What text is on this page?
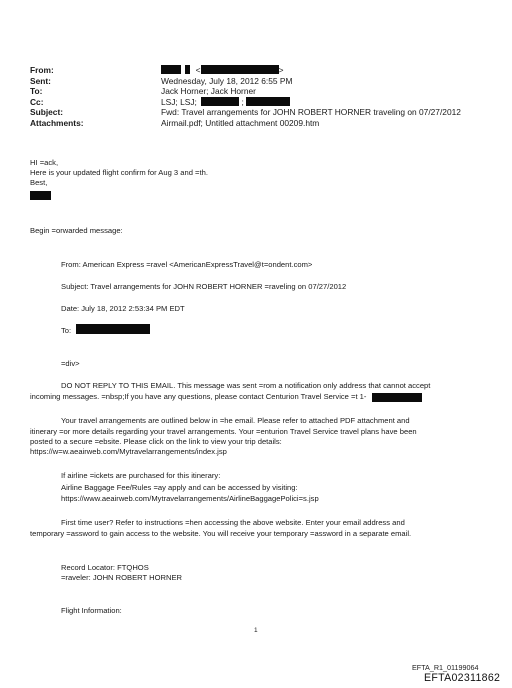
From:	<	>
Sent:	Wednesday, July 18, 2012 6:55 PM
To:	Jack Horner; Jack Horner
Cc:	LSJ; LSJ;	;
Subject:	Fwd: Travel arrangements for JOHN ROBERT HORNER traveling on 07/27/2012
Attachments:	Airmail.pdf; Untitled attachment 00209.htm
HI =ack,
Here is your updated flight confirm for Aug 3 and =th.
Best,
Begin =orwarded message:
From: American Express =ravel <AmericanExpressTravel@t=ondent.com>
Subject: Travel arrangements for JOHN ROBERT HORNER =raveling on 07/27/2012
Date: July 18, 2012 2:53:34 PM EDT
To:
=div>
DO NOT REPLY TO THIS EMAIL. This message was sent =rom a notification only address that cannot accept
incoming messages. =nbsp;If you have any questions, please contact Centurion Travel Service =t 1-
Your travel arrangements are outlined below in =he email. Please refer to attached PDF attachment and
itinerary =or more details regarding your travel arrangements. Your =enturion Travel Service travel plans have been
posted to a secure =ebsite. Please click on the link to view your trip details:
https://w=w.aeairweb.com/Mytravelarrangements/index.jsp
If airline =ickets are purchased for this itinerary:
Airline Baggage Fee/Rules =ay apply and can be accessed by visiting:
https://www.aeairweb.com/Mytravelarrangements/AirlineBaggagePolici=s.jsp
First time user? Refer to instructions =hen accessing the above website. Enter your email address and
temporary =assword to gain access to the website. You will receive your temporary =assword in a separate email.
Record Locator: FTQHOS
=raveler: JOHN ROBERT HORNER
Flight Information:
1
EFTA_R1_01199064
EFTA02311862
